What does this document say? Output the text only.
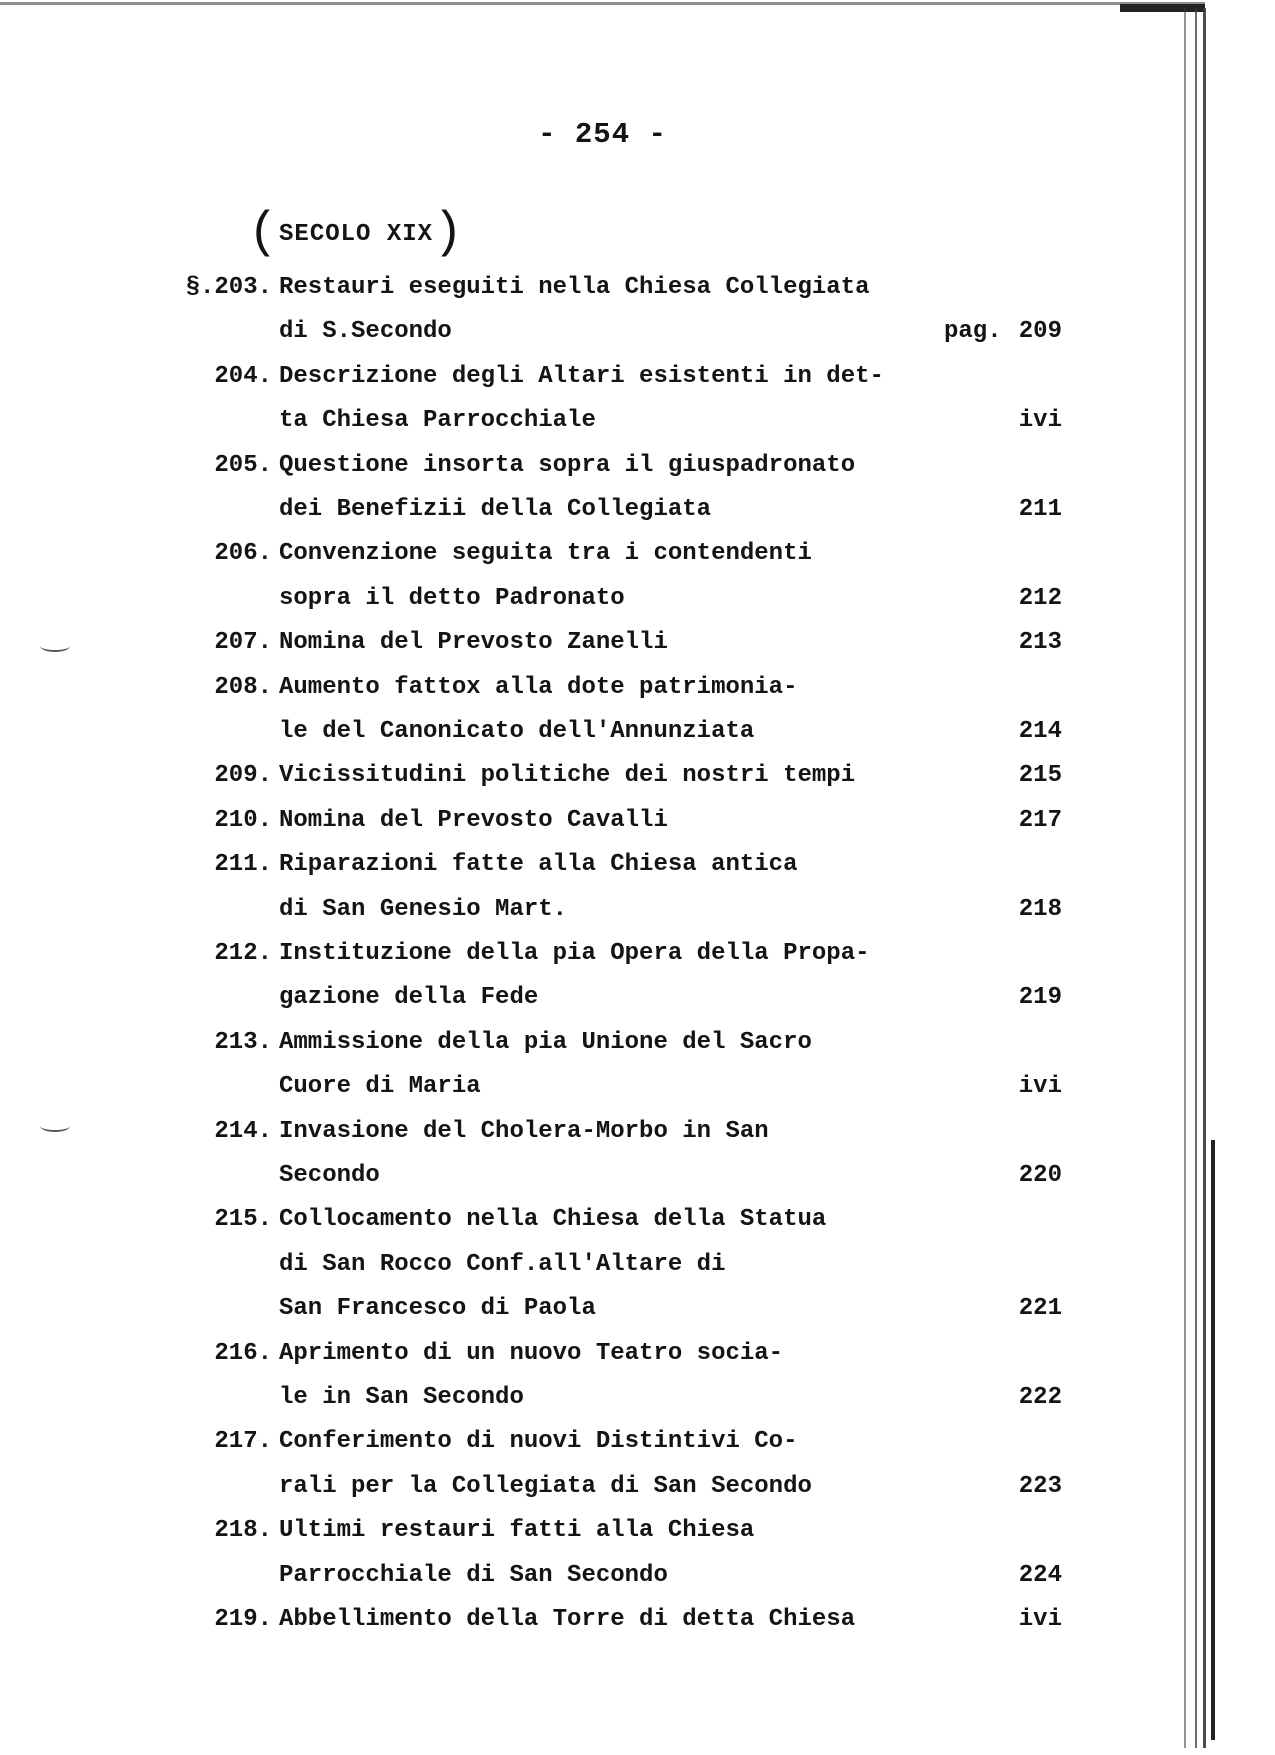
- 254 -
(SECOLO XIX)
§.203. Restauri eseguiti nella Chiesa Collegiata
di S.Secondo	pag. 209
204. Descrizione degli Altari esistenti in det-
ta Chiesa Parrocchiale	ivi
205. Questione insorta sopra il giuspadronato
dei Benefizii della Collegiata	211
206. Convenzione seguita tra i contendenti
sopra il detto Padronato	212
207. Nomina del Prevosto Zanelli	213
208. Aumento fattox alla dote patrimonia-
le del Canonicato dell'Annunziata	214
209. Vicissitudini politiche dei nostri tempi	215
210. Nomina del Prevosto Cavalli	217
211. Riparazioni fatte alla Chiesa antica
di San Genesio Mart.	218
212. Instituzione della pia Opera della Propa-
gazione della Fede	219
213. Ammissione della pia Unione del Sacro
Cuore di Maria	ivi
214. Invasione del Cholera-Morbo in San
Secondo	220
215. Collocamento nella Chiesa della Statua
di San Rocco Conf.all'Altare di
San Francesco di Paola	221
216. Aprimento di un nuovo Teatro socia-
le in San Secondo	222
217. Conferimento di nuovi Distintivi Co-
rali per la Collegiata di San Secondo	223
218. Ultimi restauri fatti alla Chiesa
Parrocchiale di San Secondo	224
219. Abbellimento della Torre di detta Chiesa	ivi
